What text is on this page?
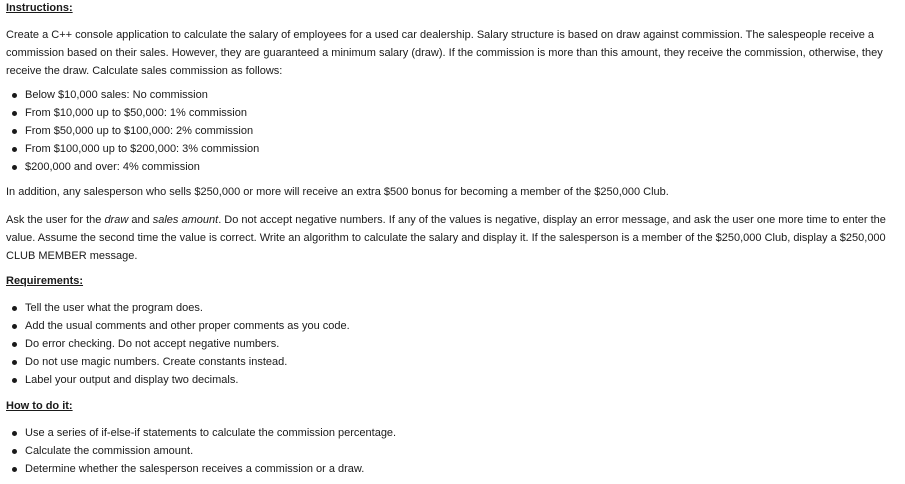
Instructions:

Create a C++ console application to calculate the salary of employees for a used car dealership. Salary structure is based on draw against commission. The salespeople receive a commission based on their sales. However, they are guaranteed a minimum salary (draw). If the commission is more than this amount, they receive the commission, otherwise, they receive the draw. Calculate sales commission as follows:

Below $10,000 sales: No commission
From $10,000 up to $50,000: 1% commission
From $50,000 up to $100,000: 2% commission
From $100,000 up to $200,000: 3% commission
$200,000 and over: 4% commission

In addition, any salesperson who sells $250,000 or more will receive an extra $500 bonus for becoming a member of the $250,000 Club.

Ask the user for the draw and sales amount. Do not accept negative numbers. If any of the values is negative, display an error message, and ask the user one more time to enter the value. Assume the second time the value is correct. Write an algorithm to calculate the salary and display it. If the salesperson is a member of the $250,000 Club, display a $250,000 CLUB MEMBER message.

Requirements:
Tell the user what the program does.
Add the usual comments and other proper comments as you code.
Do error checking. Do not accept negative numbers.
Do not use magic numbers. Create constants instead.
Label your output and display two decimals.
How to do it:
Use a series of if-else-if statements to calculate the commission percentage.
Calculate the commission amount.
Determine whether the salesperson receives a commission or a draw.
